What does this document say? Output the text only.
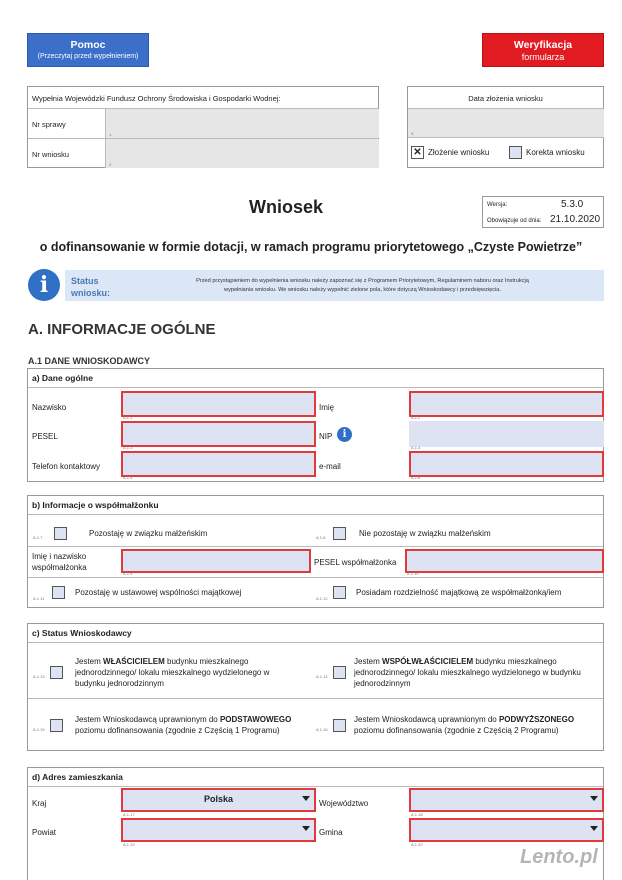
Pomoc
(Przeczytaj przed wypełnieniem)
Weryfikacja
formularza
Wypełnia Wojewódzki Fundusz Ochrony Środowiska i Gospodarki Wodnej:
Nr sprawy
1.
Nr wniosku
2.
Data złożenia wniosku
3.
✕ Złożenie wniosku	Korekta wniosku
Wniosek	Wersja:	5.3.0
Obowiązuje od dnia: 21.10.2020
o dofinansowanie w formie dotacji, w ramach programu priorytetowego „Czyste Powietrze”
i	Status
wniosku:
Przed przystąpieniem do wypełnienia wniosku należy zapoznać się z Programem Priorytetowym, Regulaminem naboru oraz Instrukcją
wypełniania wniosku. We wniosku należy wypełnić zielone pola, które dotyczą Wnioskodawcy i przedsięwzięcia.
A. INFORMACJE OGÓLNE
A.1 DANE WNIOSKODAWCY
a) Dane ogólne
Nazwisko
A.1.1
Imię
A.1.2
PESEL
A.1.3
NIP	i
A.1.4
Telefon kontaktowy
A.1.5
e-mail
A.1.6
b) Informacje o współmałżonku
A.1.7	Pozostaję w związku małżeńskim	A.1.8	Nie pozostaję w związku małżeńskim
Imię i nazwisko
współmałżonka
A.1.9
PESEL współmałżonka
A.1.10
A.1.11
Pozostaję w ustawowej wspólności majątkowej
A.1.12
Posiadam rozdzielność majątkową ze współmałżonką/iem
c) Status Wnioskodawcy
A.1.13
Jestem WŁAŚCICIELEM budynku mieszkalnego
jednorodzinnego/ lokalu mieszkalnego wydzielonego w
budynku jednorodzinnym
A.1.14
Jestem WSPÓŁWŁAŚCICIELEM budynku mieszkalnego
jednorodzinnego/ lokalu mieszkalnego wydzielonego w budynku
jednorodzinnym
A.1.15
Jestem Wnioskodawcą uprawnionym do PODSTAWOWEGO
poziomu dofinansowania (zgodnie z Częścią 1 Programu)	A.1.16
Jestem Wnioskodawcą uprawnionym do PODWYŻSZONEGO
poziomu dofinansowania (zgodnie z Częścią 2 Programu)
d) Adres zamieszkania
Kraj	Polska
A.1.17
Województwo
A.1.18
Powiat
A.1.19
Gmina
A.1.20
Lento.pl
